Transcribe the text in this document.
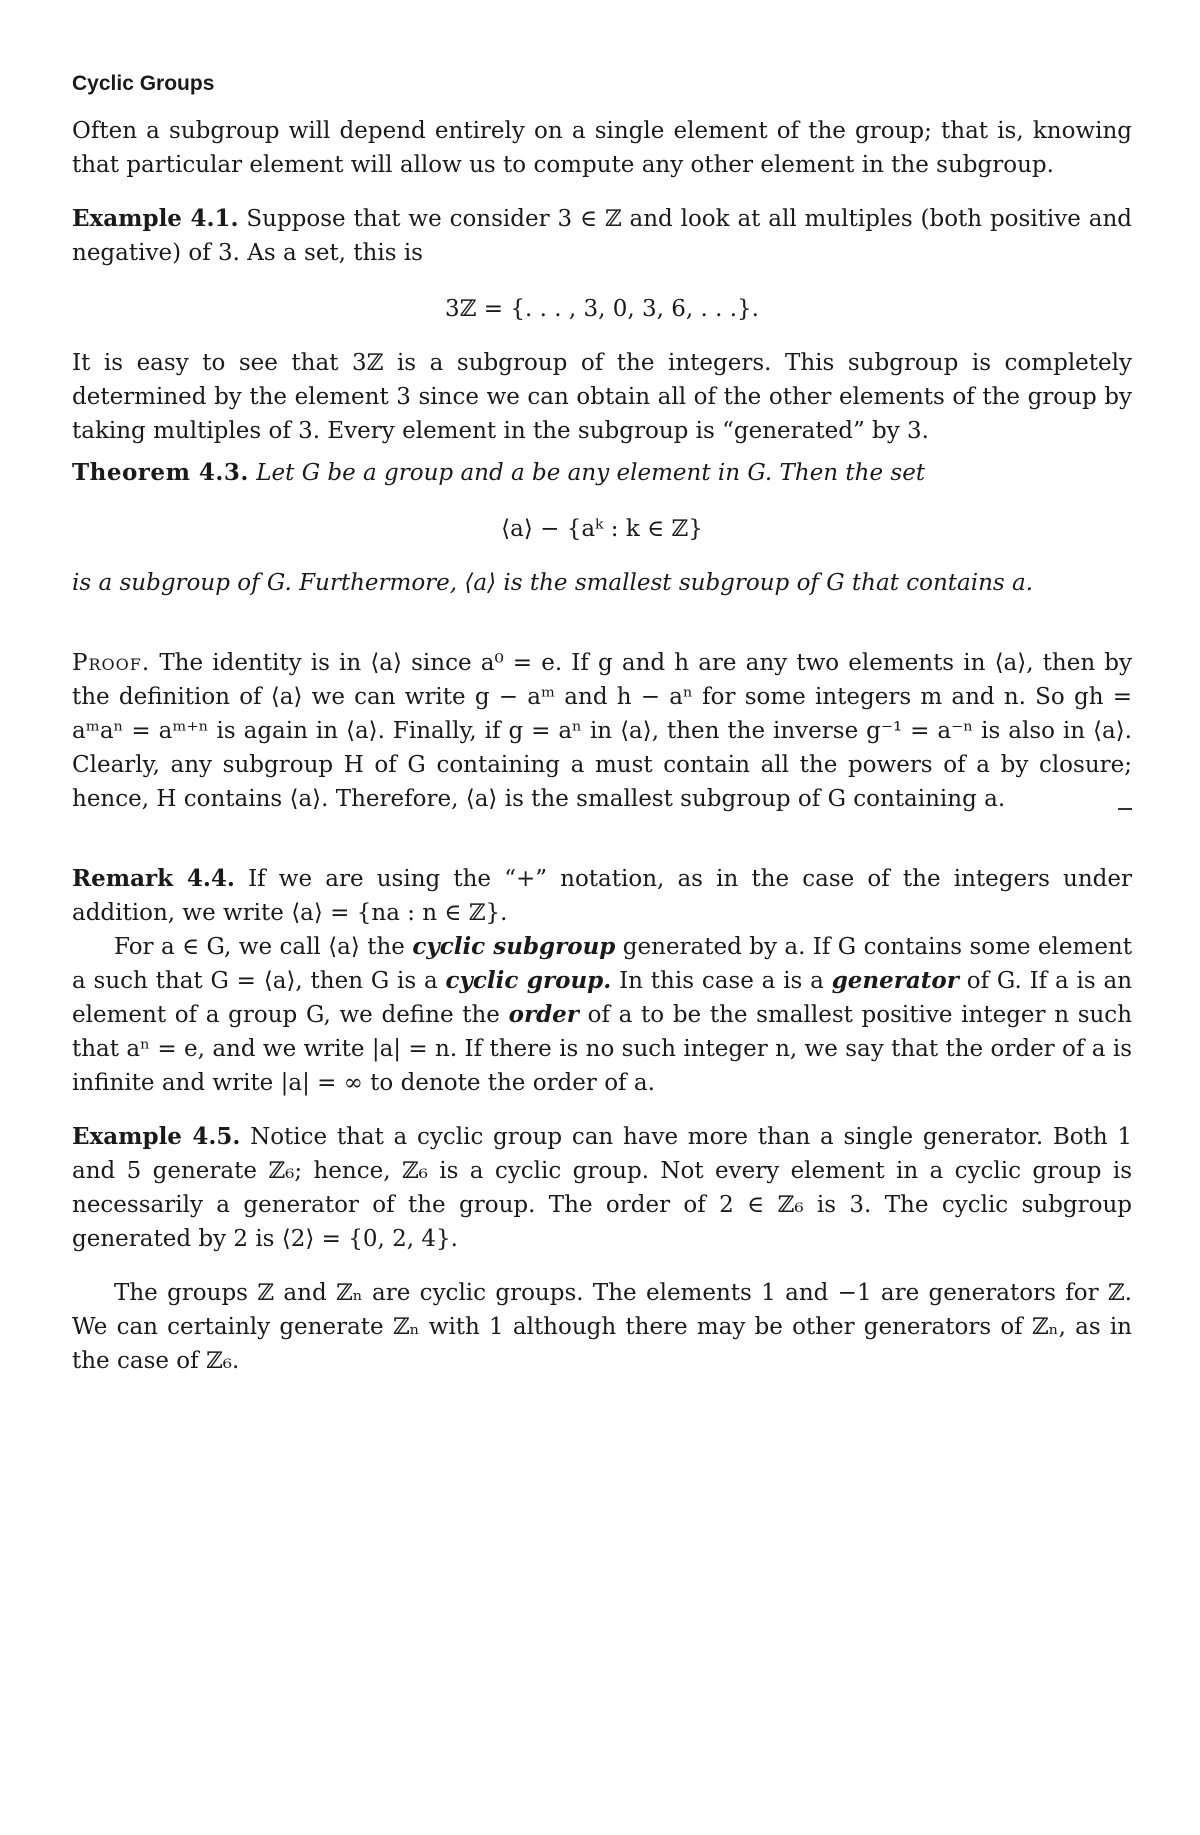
Cyclic Groups

Often a subgroup will depend entirely on a single element of the group; that is, knowing that particular element will allow us to compute any other element in the subgroup.

Example 4.1. Suppose that we consider 3 ∈ ℤ and look at all multiples (both positive and negative) of 3. As a set, this is

3ℤ = {. . . , 3, 0, 3, 6, . . .}.

It is easy to see that 3ℤ is a subgroup of the integers. This subgroup is completely determined by the element 3 since we can obtain all of the other elements of the group by taking multiples of 3. Every element in the subgroup is “generated” by 3.

Theorem 4.3. Let G be a group and a be any element in G. Then the set

⟨a⟩ − {aᵏ : k ∈ ℤ}

is a subgroup of G. Furthermore, ⟨a⟩ is the smallest subgroup of G that contains a.

Proof. The identity is in ⟨a⟩ since a⁰ = e. If g and h are any two elements in ⟨a⟩, then by the definition of ⟨a⟩ we can write g − aᵐ and h − aⁿ for some integers m and n. So gh = aᵐaⁿ = aᵐ⁺ⁿ is again in ⟨a⟩. Finally, if g = aⁿ in ⟨a⟩, then the inverse g⁻¹ = a⁻ⁿ is also in ⟨a⟩. Clearly, any subgroup H of G containing a must contain all the powers of a by closure; hence, H contains ⟨a⟩. Therefore, ⟨a⟩ is the smallest subgroup of G containing a.

Remark 4.4. If we are using the “+” notation, as in the case of the integers under addition, we write ⟨a⟩ = {na : n ∈ ℤ}.

For a ∈ G, we call ⟨a⟩ the cyclic subgroup generated by a. If G contains some element a such that G = ⟨a⟩, then G is a cyclic group. In this case a is a generator of G. If a is an element of a group G, we define the order of a to be the smallest positive integer n such that aⁿ = e, and we write |a| = n. If there is no such integer n, we say that the order of a is infinite and write |a| = ∞ to denote the order of a.

Example 4.5. Notice that a cyclic group can have more than a single generator. Both 1 and 5 generate ℤ₆; hence, ℤ₆ is a cyclic group. Not every element in a cyclic group is necessarily a generator of the group. The order of 2 ∈ ℤ₆ is 3. The cyclic subgroup generated by 2 is ⟨2⟩ = {0, 2, 4}.

The groups ℤ and ℤₙ are cyclic groups. The elements 1 and −1 are generators for ℤ. We can certainly generate ℤₙ with 1 although there may be other generators of ℤₙ, as in the case of ℤ₆.
